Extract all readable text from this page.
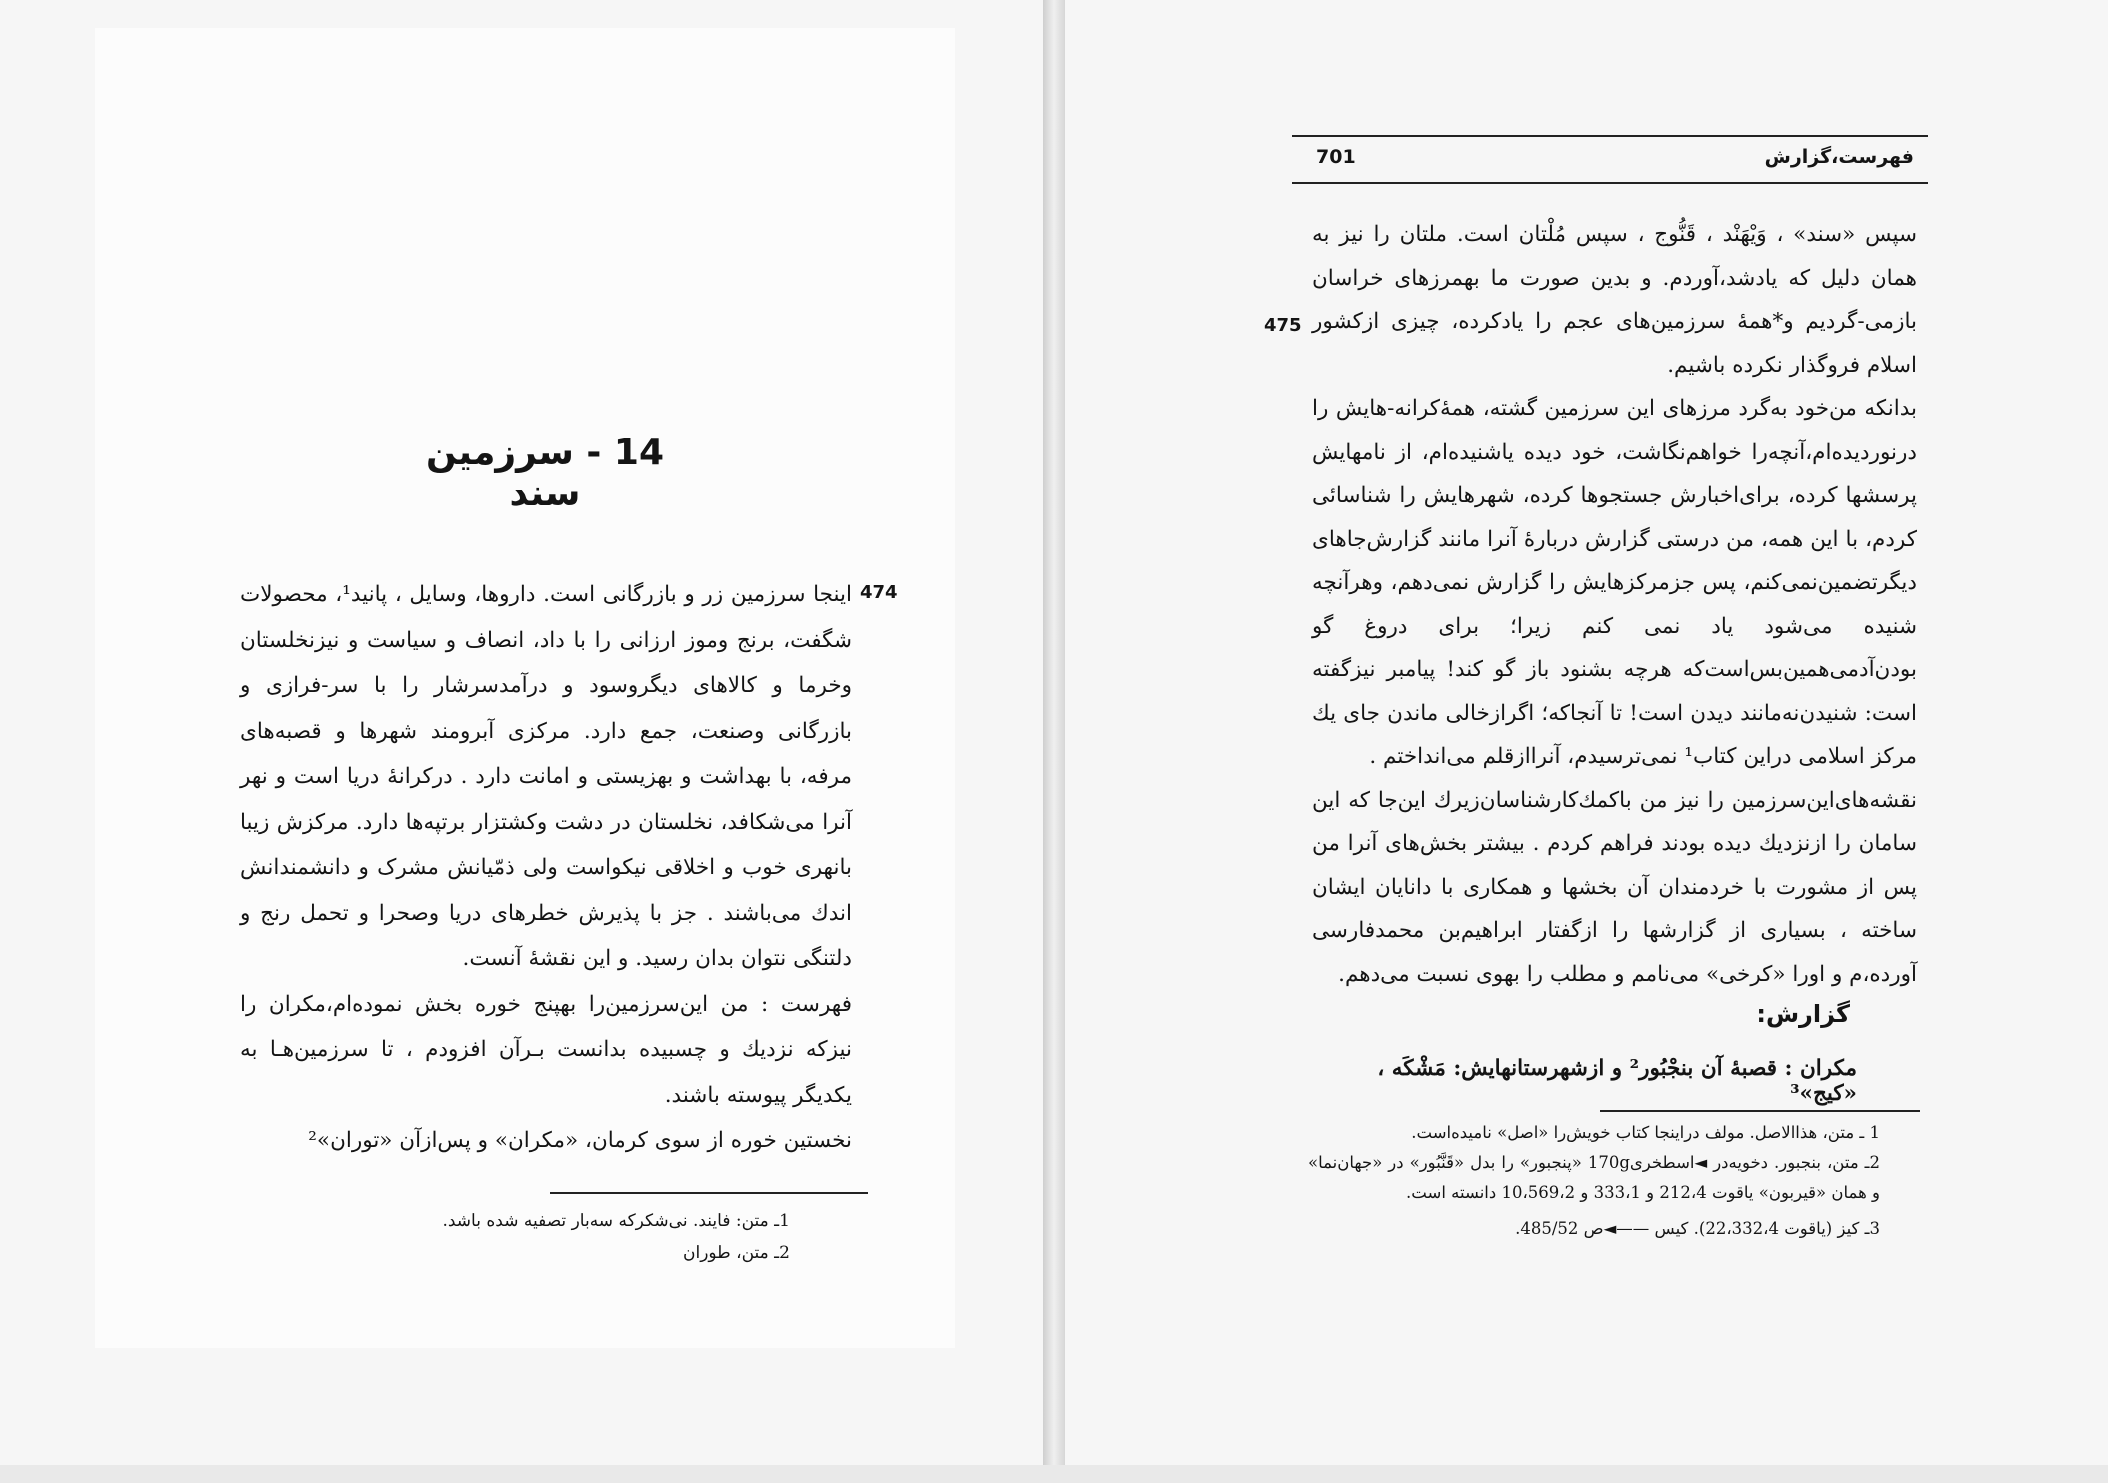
14 - سرزمین سند
474

اینجا سرزمین زر و بازرگانی است. داروها، وسایل ، پانید¹، محصولات شگفت، برنج وموز ارزانی را با داد، انصاف و سیاست و نیزنخلستان وخرما و کالاهای دیگروسود و درآمدسرشار را با سر-فرازی و بازرگانی وصنعت، جمع دارد. مرکزی آبرومند شهرها و قصبه‌های مرفه، با بهداشت و بهزیستی و امانت دارد . درکرانهٔ دریا است و نهر آنرا می‌شکافد، نخلستان در دشت وکشتزار برتپه‌ها دارد. مرکزش زیبا بانهری خوب و اخلاقی نیکواست ولی ذمّیانش مشرک و دانشمندانش اندك می‌باشند . جز با پذیرش خطرهای دریا وصحرا و تحمل رنج و دلتنگی نتوان بدان رسید. و این نقشهٔ آنست.

فهرست : من این‌سرزمین‌را بهپنج خوره بخش نموده‌ام،مکران را نیزکه نزدیك و چسبیده بدانست بـرآن افزودم ، تا سرزمین‌هـا به یکدیگر پیوسته باشند.

نخستین خوره از سوی کرمان، «مکران» و پس‌ازآن «توران»²

1ـ متن: فایند. نی‌شکرکه سه‌بار تصفیه شده باشد.

2ـ متن، طوران

فهرست،گزارش
701
475

سپس «سند» ، وَیْهَنْد ، قَنُّوج ، سپس مُلْتان است. ملتان را نیز به همان دلیل که یادشد،آوردم. و بدین صورت ما بهمرزهای خراسان بازمی-گردیم و*همهٔ سرزمین‌های عجم را یادکرده، چیزی ازکشور اسلام فروگذار نکرده باشیم.

بدانکه من‌خود به‌گرد مرزهای این سرزمین گشته، همهٔ‌کرانه-هایش را درنوردیده‌ام،آنچه‌را خواهم‌نگاشت، خود دیده یاشنیده‌ام، از نامهایش پرسشها کرده، برای‌اخبارش جستجوها کرده، شهرهایش را شناسائی کردم، با این همه، من درستی گزارش دربارهٔ آنرا مانند گزارش‌جاهای دیگرتضمین‌نمی‌کنم، پس جزمرکزهایش را گزارش نمی‌دهم، وهرآنچه شنیده می‌شود یاد نمی کنم زیرا؛ برای دروغ گو بودن‌آدمی‌همین‌بس‌است‌که هرچه بشنود باز گو کند! پیامبر نیزگفته است: شنیدن‌نه‌مانند دیدن است! تا آنجاکه؛ اگرازخالی ماندن جای یك مرکز اسلامی دراین کتاب¹ نمی‌ترسیدم، آنرااز‌قلم می‌انداختم .

نقشه‌های‌این‌سرزمین را نیز من باکمك‌کارشناسان‌زیرك این‌جا که این سامان را ازنزدیك دیده بودند فراهم کردم . بیشتر بخش‌های آنرا من پس از مشورت با خردمندان آن بخشها و همکاری با دانایان ایشان ساخته ، بسیاری از گزارشها را ازگفتار ابراهیم‌بن محمدفارسی آورده،م و اورا «کرخی» می‌نامم و مطلب را بهوی نسبت می‌دهم.

گزارش:
مکران : قصبهٔ آن بنجْبُور² و ازشهرستانهایش: مَشْکَه ، «کیج»³

1 ـ متن، هذاالاصل. مولف دراینجا کتاب خویش‌را «اصل» نامیده‌است.

2ـ متن، بنجبور. دخویه‌در ◄اسطخری170g «پنجبور» را بدل «قَنَّبُور» در «جهان‌نما» و همان «قیربون» یاقوت 212،4 و 333،1 و 10،569،2 دانسته است.

3ـ کیز (یاقوت 22،332،4). کیس ——◄ص 485/52.
